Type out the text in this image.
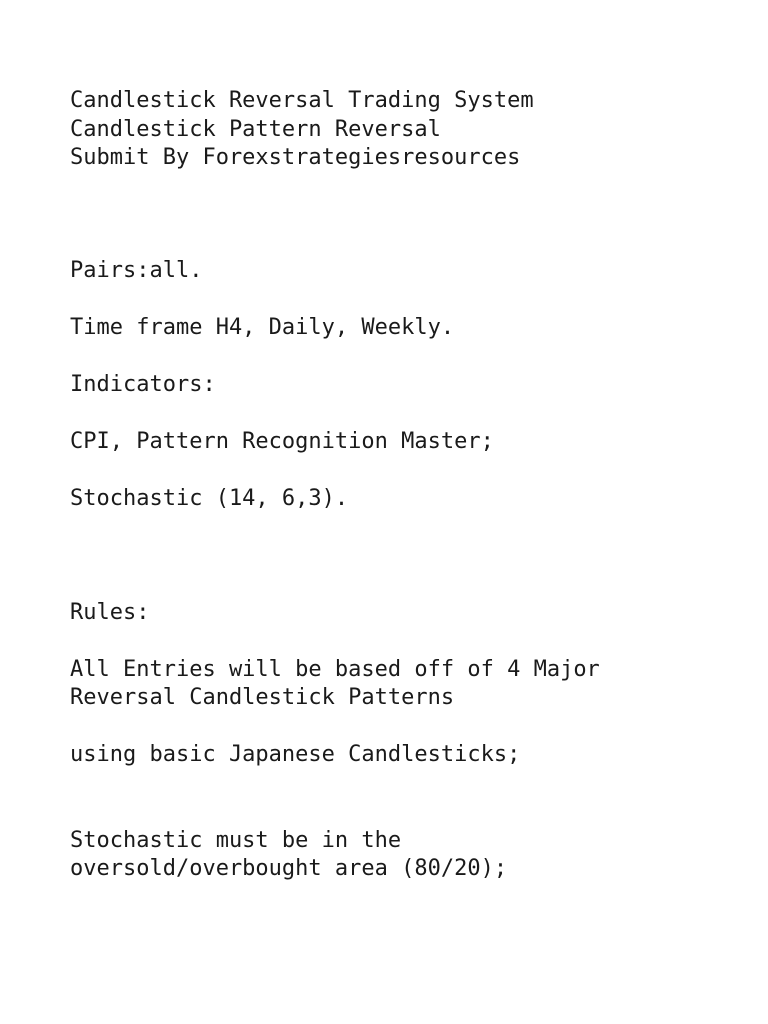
Candlestick Reversal Trading System
Candlestick Pattern Reversal
Submit By Forexstrategiesresources
Pairs:all.
Time frame H4, Daily, Weekly.
Indicators:
CPI, Pattern Recognition Master;
Stochastic (14, 6,3).
Rules:
All Entries will be based off of 4 Major
Reversal Candlestick Patterns
using basic Japanese Candlesticks;
Stochastic must be in the
oversold/overbought area (80/20);
